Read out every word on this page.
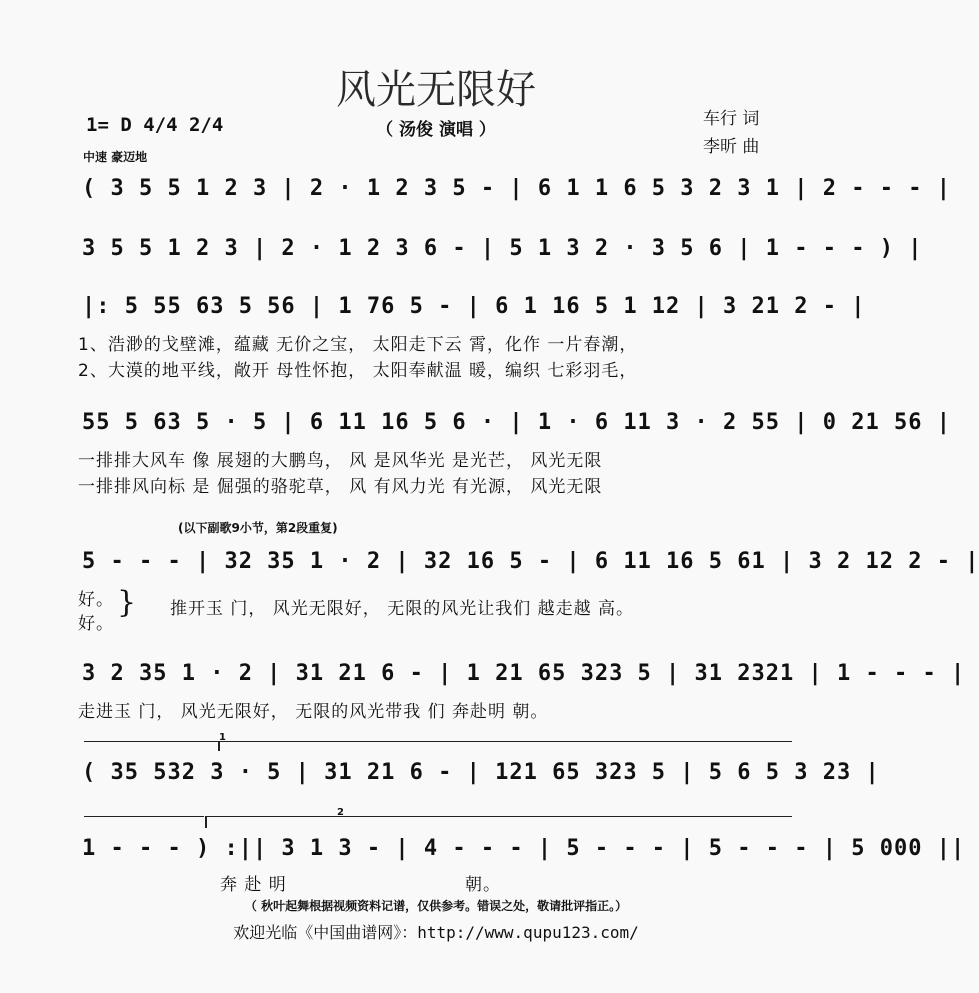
风光无限好
（ 汤俊 演唱 ）
1= D 4/4 2/4
中速 豪迈地
车行 词
李昕 曲
( 3 5 5 1 2 3 | 2 · 1 2 3 5 - | 6 1 1 6 5 3 2 3 1 | 2 - - - |
3 5 5 1 2 3 | 2 · 1 2 3 6 - | 5 1 3 2 · 3 5 6 | 1 - - - ) |
|: 5 55 63 5 56 | 1 76 5 - | 6 1 16 5 1 12 | 3 21 2 - |
1、浩渺的戈壁滩，蕴藏 无价之宝， 太阳走下云 霄，化作 一片春潮，
2、大漠的地平线，敞开 母性怀抱， 太阳奉献温 暖，编织 七彩羽毛，
55 5 63 5 · 5 | 6 11 16 5 6 · | 1 · 6 11 3 · 2 55 | 0 21 56 |
一排排大风车 像 展翅的大鹏鸟， 风 是风华光 是光芒， 风光无限
一排排风向标 是 倔强的骆驼草， 风 有风力光 有光源， 风光无限
(以下副歌9小节，第2段重复)
5 - - - | 32 35 1 · 2 | 32 16 5 - | 6 11 16 5 61 | 3 2 12 2 - |
好。
好。
} 推开玉 门， 风光无限好， 无限的风光让我们 越走越 高。
3 2 35 1 · 2 | 31 21 6 - | 1 21 65 323 5 | 31 2321 | 1 - - - |
走进玉 门， 风光无限好， 无限的风光带我 们 奔赴明 朝。
1
( 35 532 3 · 5 | 31 21 6 - | 121 65 323 5 | 5 6 5 3 23 |
2
1 - - - ) :|| 3 1 3 - | 4 - - - | 5 - - - | 5 - - - | 5 000 ||
奔 赴 明	朝。
（ 秋叶起舞根据视频资料记谱，仅供参考。错误之处，敬请批评指正。）
欢迎光临《中国曲谱网》：http://www.qupu123.com/
